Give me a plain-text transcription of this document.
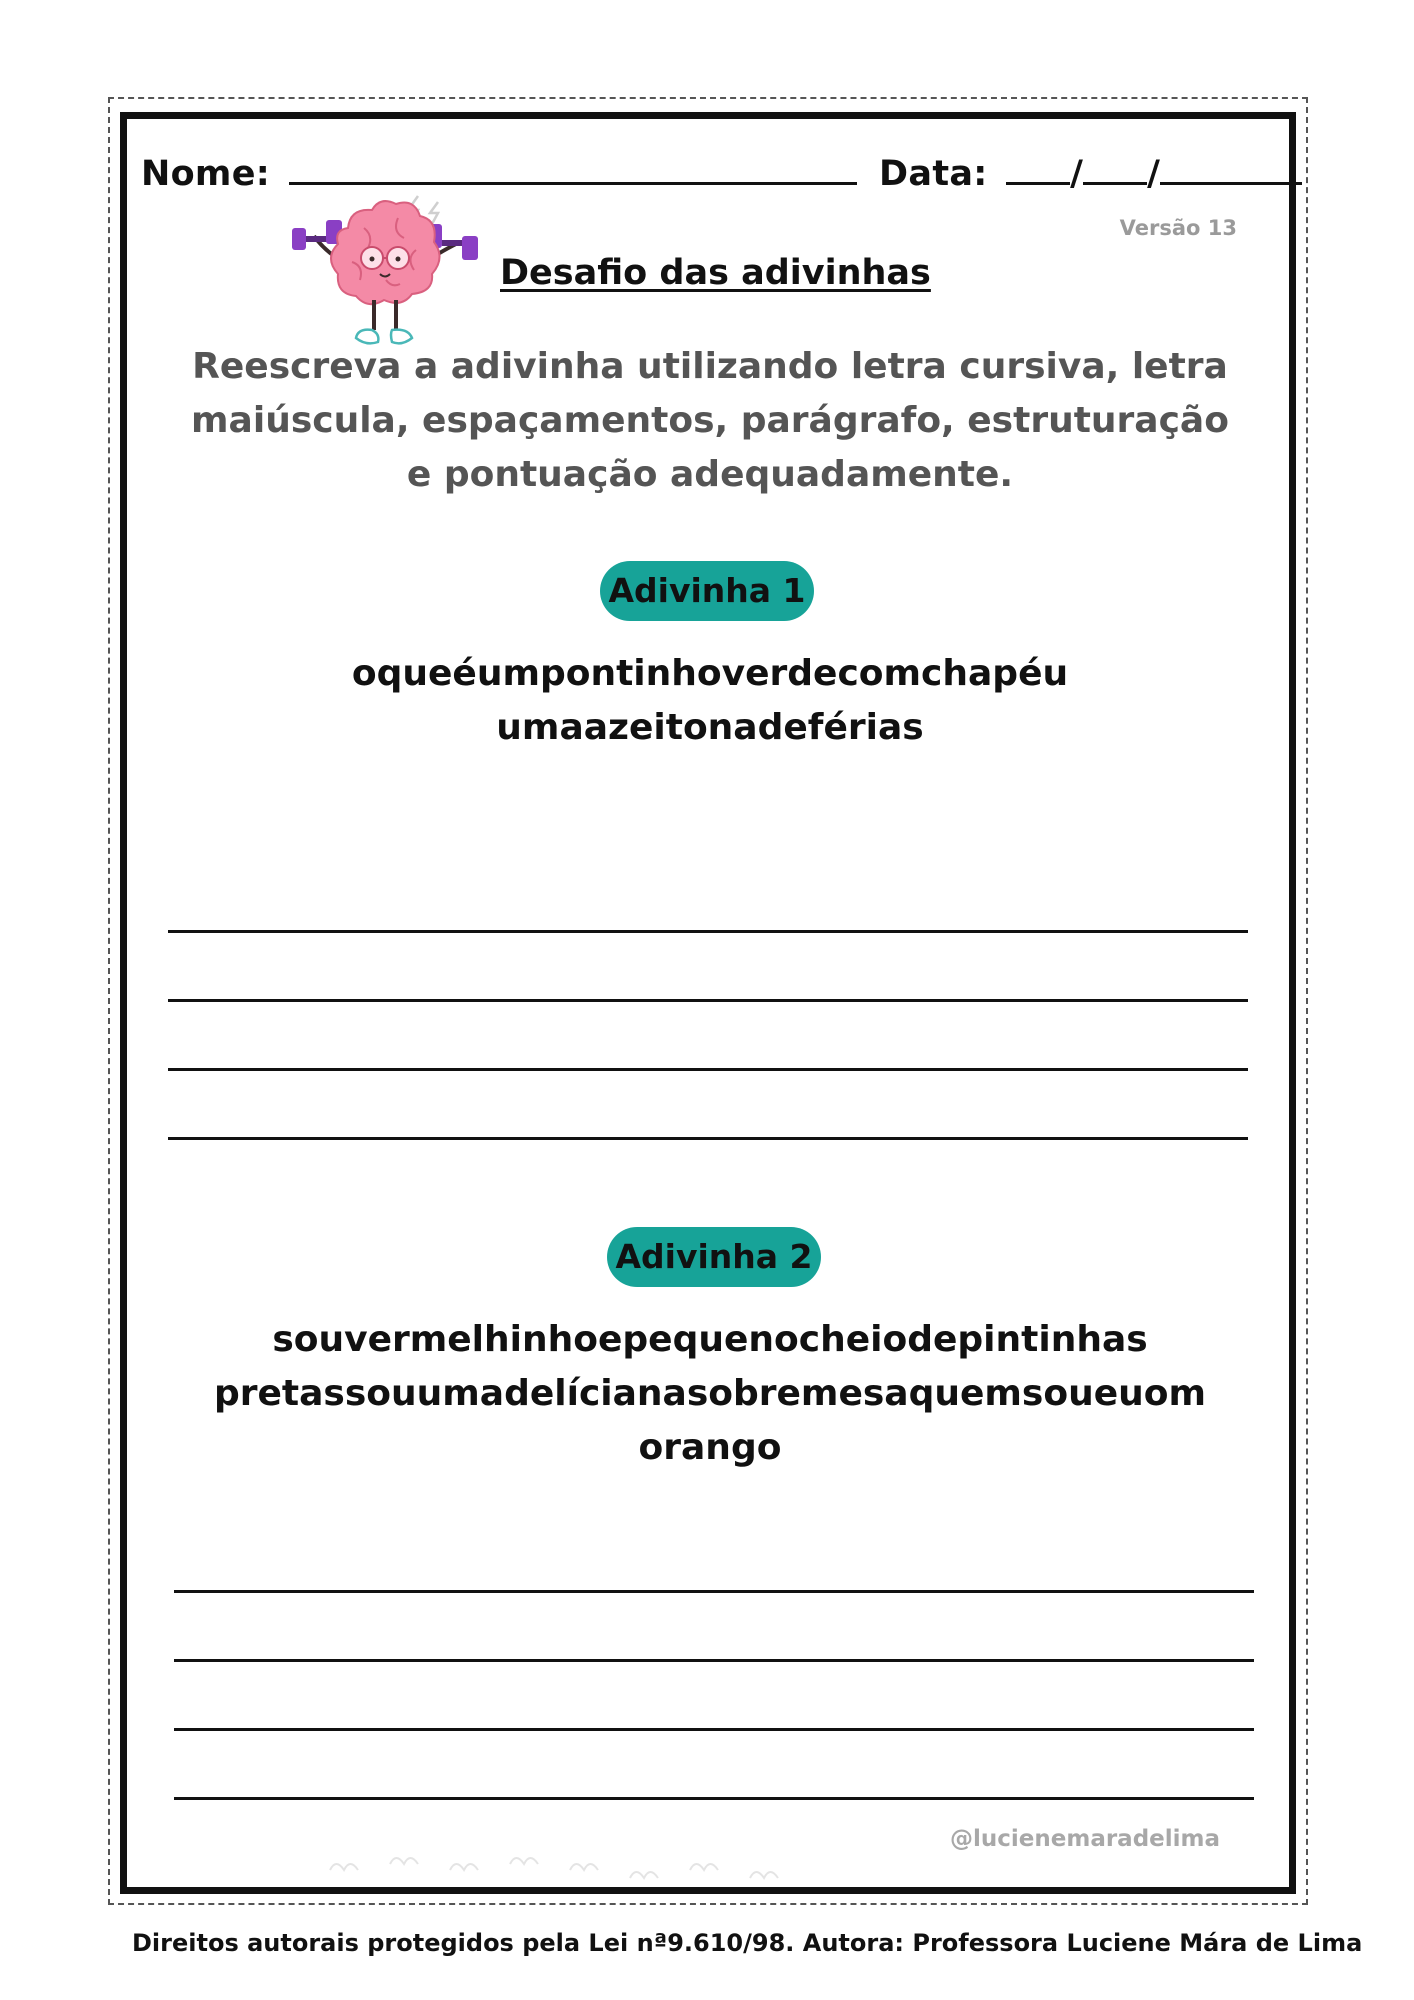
Nome:	Data: / /
Versão 13
Desafio das adivinhas
Reescreva a adivinha utilizando letra cursiva, letra maiúscula, espaçamentos, parágrafo, estruturação e pontuação adequadamente.
Adivinha 1
oqueéumpontinhoverdecomchapéu
umaazeitonadeférias
Adivinha 2
souvermelhinhoepequenocheiodepintinhas
pretassouumadelícianasobremesaquemsoueuom
orango
@lucienemaradelima
Direitos autorais protegidos pela Lei nª9.610/98. Autora: Professora Luciene Mára de Lima
